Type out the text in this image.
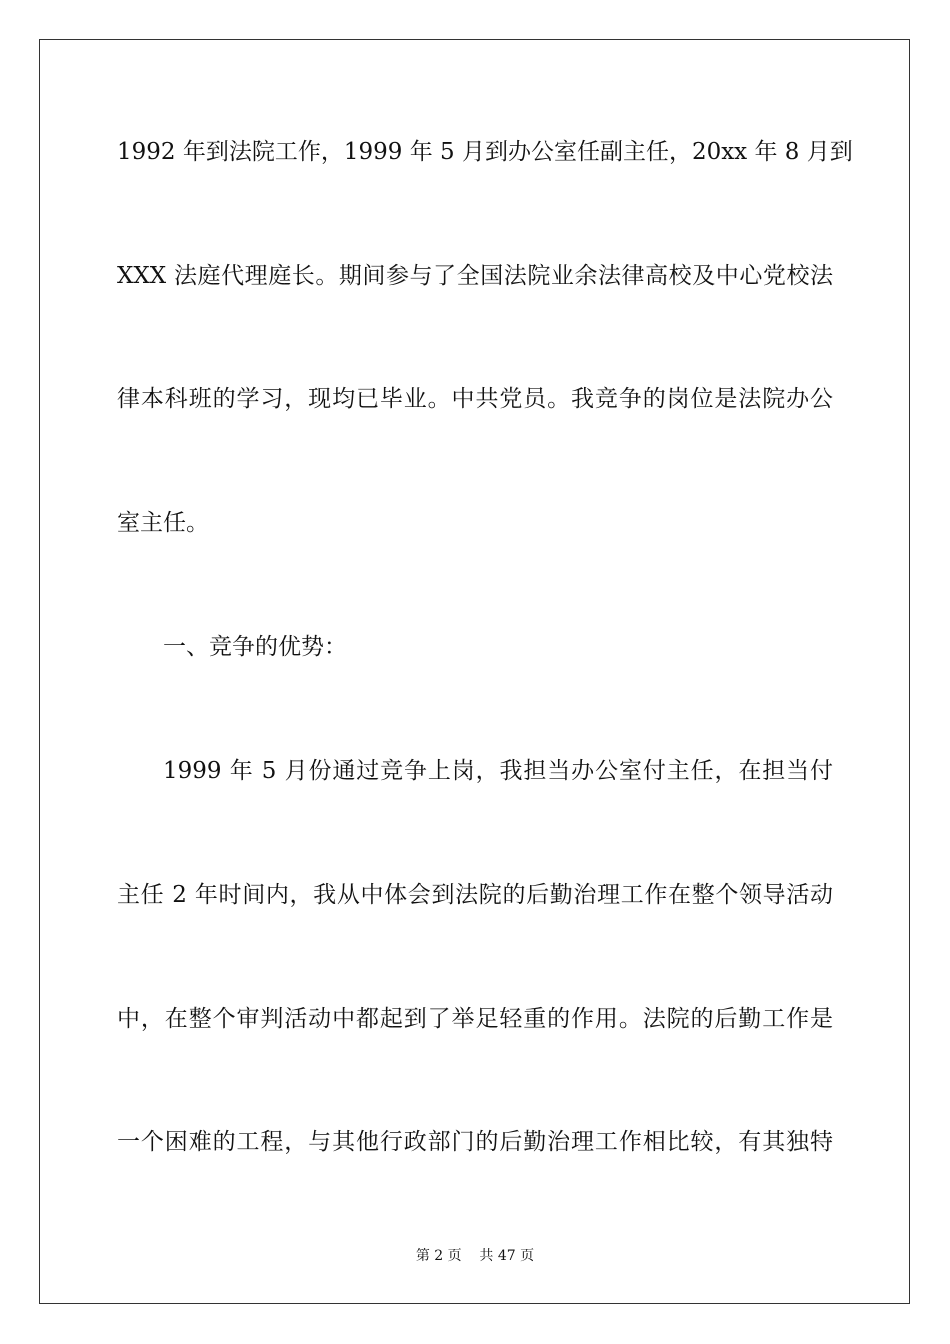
1992 年到法院工作，1999 年 5 月到办公室任副主任，20xx 年 8 月到
XXX 法庭代理庭长。期间参与了全国法院业余法律高校及中心党校法
律本科班的学习，现均已毕业。中共党员。我竞争的岗位是法院办公
室主任。
一、竞争的优势：
1999 年 5 月份通过竞争上岗，我担当办公室付主任，在担当付
主任 2 年时间内，我从中体会到法院的后勤治理工作在整个领导活动
中，在整个审判活动中都起到了举足轻重的作用。法院的后勤工作是
一个困难的工程，与其他行政部门的后勤治理工作相比较，有其独特
第 2 页    共 47 页
